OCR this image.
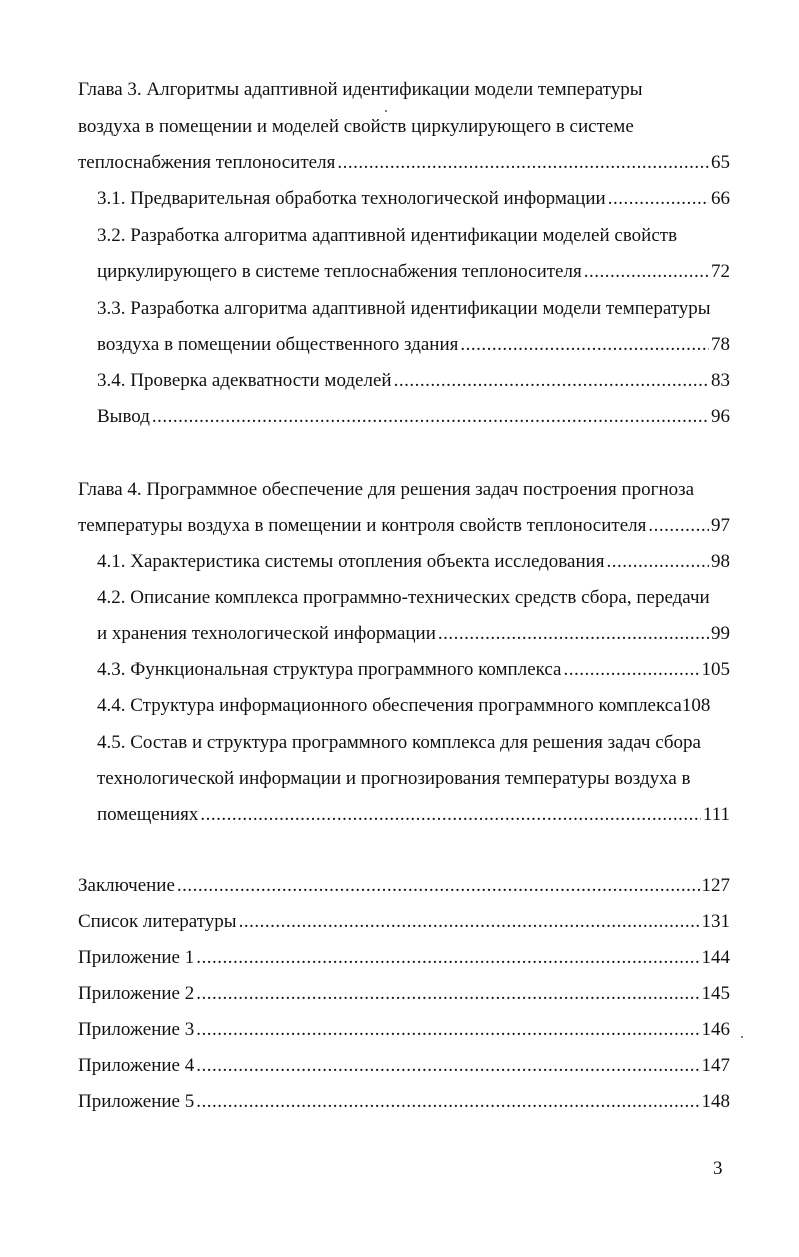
Глава 3. Алгоритмы адаптивной идентификации модели температуры
воздуха в помещении и моделей свойств циркулирующего в системе
теплоснабжения теплоносителя .....	65
3.1. Предварительная обработка технологической информации .....	66
3.2. Разработка алгоритма адаптивной идентификации моделей свойств
циркулирующего в системе теплоснабжения теплоносителя .....	72
3.3. Разработка алгоритма адаптивной идентификации модели температуры
воздуха в помещении общественного здания .....	78
3.4. Проверка адекватности моделей .....	83
Вывод .....	96
Глава 4. Программное обеспечение для решения задач построения прогноза
температуры воздуха в помещении и контроля свойств теплоносителя .....	97
4.1. Характеристика системы отопления объекта исследования .....	98
4.2. Описание комплекса программно-технических средств сбора, передачи
и хранения технологической информации .....	99
4.3. Функциональная структура программного комплекса .....	105
4.4. Структура информационного обеспечения программного комплекса108
4.5. Состав и структура программного комплекса для решения задач сбора
технологической информации и прогнозирования температуры воздуха в
помещениях .....	111
Заключение .....	127
Список литературы .....	131
Приложение 1 .....	144
Приложение 2 .....	145
Приложение 3 .....	146
Приложение 4 .....	147
Приложение 5 .....	148
3
